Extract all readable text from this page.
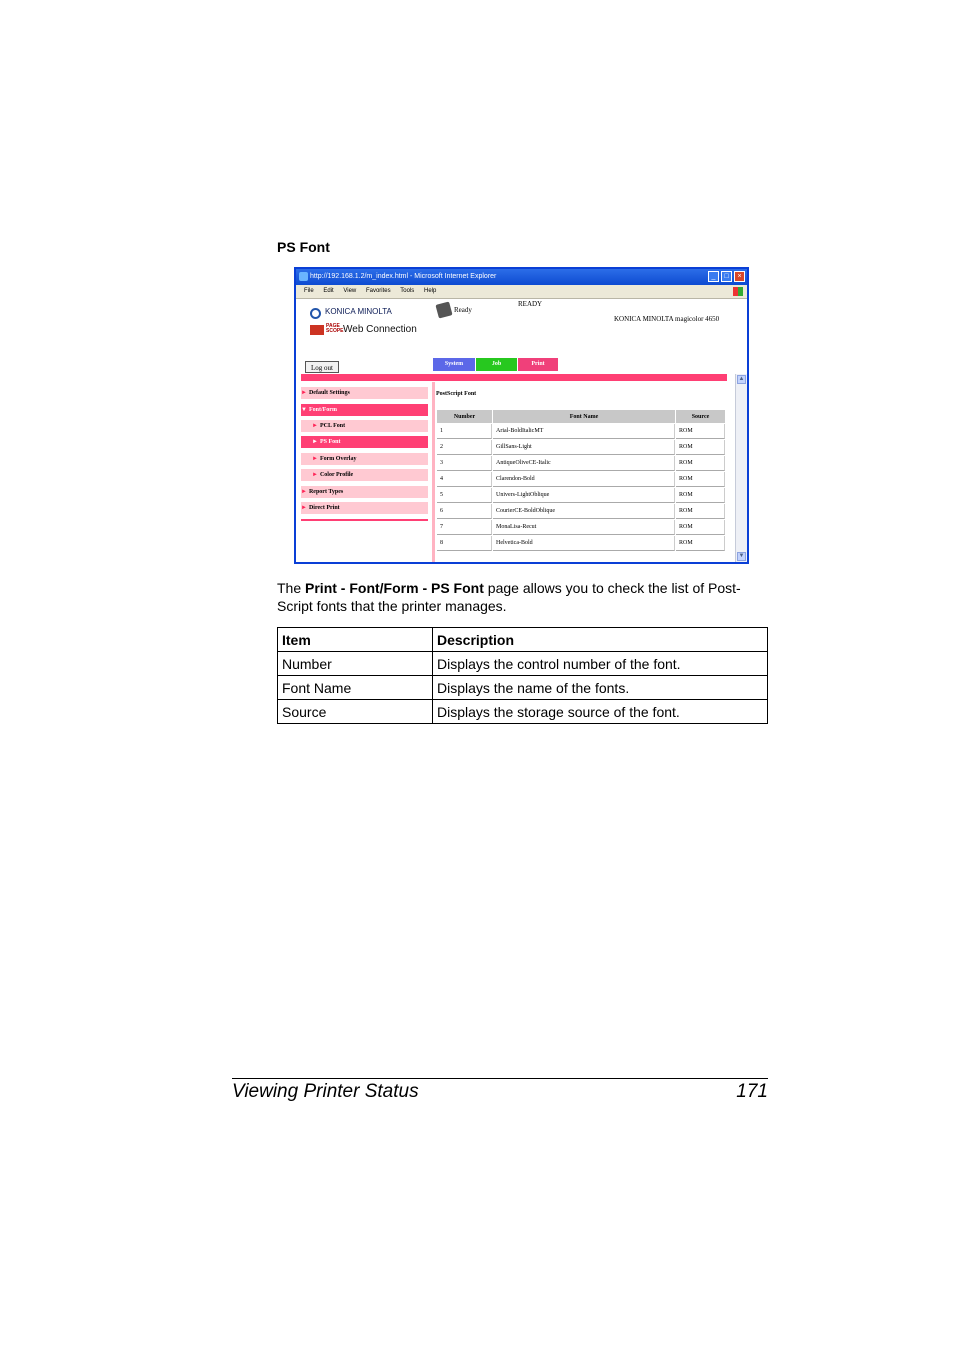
PS Font
http://192.168.1.2/m_index.html - Microsoft Internet Explorer	_	□	×
File Edit View Favorites Tools Help
KONICA MINOLTA
PAGE SCOPE Web Connection
Ready
READY
KONICA MINOLTA magicolor 4650
Log out	System	Job	Print
► Default Settings
▼ Font/Form
► PCL Font
► PS Font
► Form Overlay
► Color Profile
► Report Types
► Direct Print
PostScript Font
Number	Font Name	Source
1	Arial-BoldItalicMT	ROM
2	GillSans-Light	ROM
3	AntiqueOliveCE-Italic	ROM
4	Clarendon-Bold	ROM
5	Univers-LightOblique	ROM
6	CourierCE-BoldOblique	ROM
7	MonaLisa-Recut	ROM
8	Helvetica-Bold	ROM
▲
▼
The Print - Font/Form - PS Font page allows you to check the list of Post-Script fonts that the printer manages.
Item	Description
Number	Displays the control number of the font.
Font Name	Displays the name of the fonts.
Source	Displays the storage source of the font.
Viewing Printer Status	171
